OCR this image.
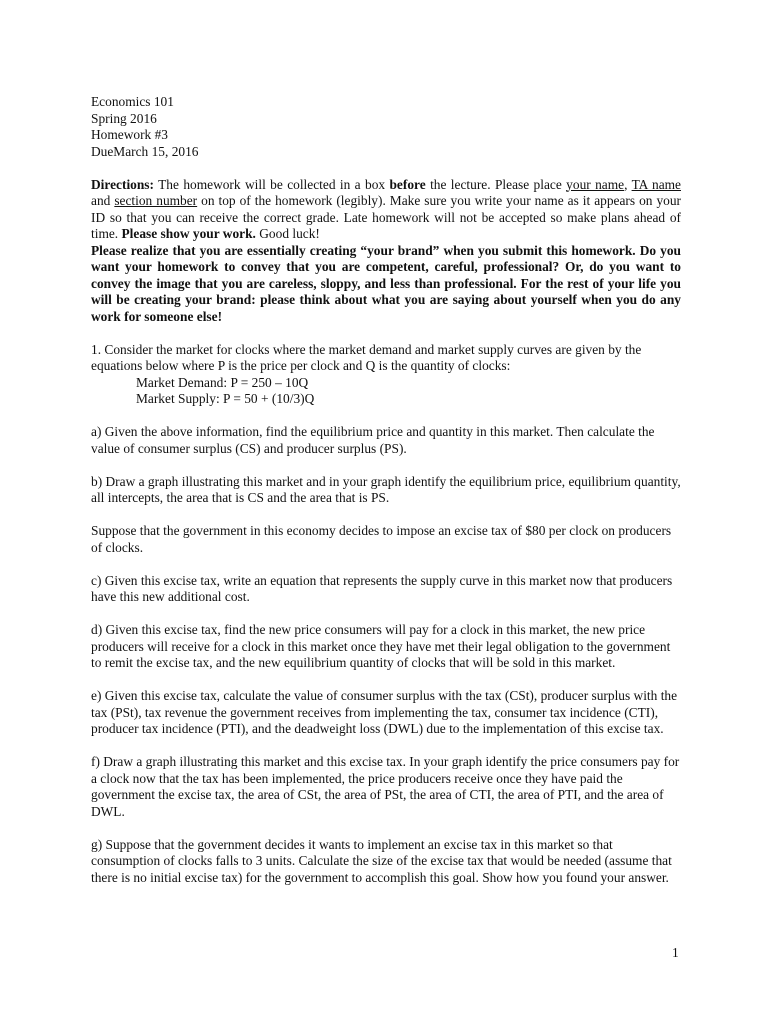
Economics 101
Spring 2016
Homework #3
DueMarch 15, 2016

Directions: The homework will be collected in a box before the lecture. Please place your name, TA name and section number on top of the homework (legibly). Make sure you write your name as it appears on your ID so that you can receive the correct grade. Late homework will not be accepted so make plans ahead of time. Please show your work. Good luck!

Please realize that you are essentially creating “your brand” when you submit this homework. Do you want your homework to convey that you are competent, careful, professional? Or, do you want to convey the image that you are careless, sloppy, and less than professional. For the rest of your life you will be creating your brand: please think about what you are saying about yourself when you do any work for someone else!

1. Consider the market for clocks where the market demand and market supply curves are given by the equations below where P is the price per clock and Q is the quantity of clocks:
Market Demand: P = 250 – 10Q
Market Supply: P = 50 + (10/3)Q

a) Given the above information, find the equilibrium price and quantity in this market. Then calculate the value of consumer surplus (CS) and producer surplus (PS).

b) Draw a graph illustrating this market and in your graph identify the equilibrium price, equilibrium quantity, all intercepts, the area that is CS and the area that is PS.

Suppose that the government in this economy decides to impose an excise tax of $80 per clock on producers of clocks.

c) Given this excise tax, write an equation that represents the supply curve in this market now that producers have this new additional cost.

d) Given this excise tax, find the new price consumers will pay for a clock in this market, the new price producers will receive for a clock in this market once they have met their legal obligation to the government to remit the excise tax, and the new equilibrium quantity of clocks that will be sold in this market.

e) Given this excise tax, calculate the value of consumer surplus with the tax (CSt), producer surplus with the tax (PSt), tax revenue the government receives from implementing the tax, consumer tax incidence (CTI), producer tax incidence (PTI), and the deadweight loss (DWL) due to the implementation of this excise tax.

f) Draw a graph illustrating this market and this excise tax. In your graph identify the price consumers pay for a clock now that the tax has been implemented, the price producers receive once they have paid the government the excise tax, the area of CSt, the area of PSt, the area of CTI, the area of PTI, and the area of DWL.

g) Suppose that the government decides it wants to implement an excise tax in this market so that consumption of clocks falls to 3 units. Calculate the size of the excise tax that would be needed (assume that there is no initial excise tax) for the government to accomplish this goal. Show how you found your answer.

1
